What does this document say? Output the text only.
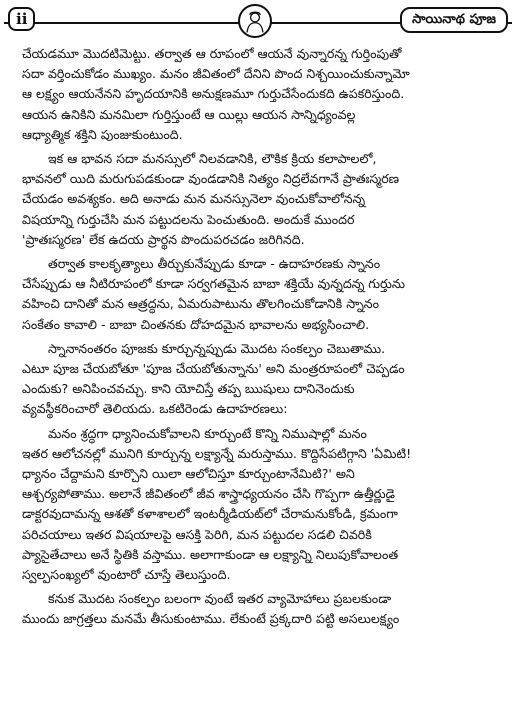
ii	సాయినాథ పూజ
చేయడమూ మొదటిమెట్టు. తర్వాత ఆ రూపంలో ఆయనే వున్నారన్న గుర్తింపుతో
సదా వర్తించుకోడం ముఖ్యం. మనం జీవితంలో దేనిని పొంద నిశ్చయించుకున్నామో
ఆ లక్ష్యం ఆయనేనని హృదయానికి అనుక్షణమూ గుర్తుచేసేందుకది ఉపకరిస్తుంది.
ఆయన ఉనికిని మనమిలా గుర్తిస్తుంటే ఆ యిల్లు ఆయన సాన్నిధ్యంవల్ల
ఆధ్యాత్మిక శక్తిని పుంజుకుంటుంది.
ఇక ఆ భావన సదా మనస్సులో నిలవడానికి, లౌకిక క్రియ కలాపాలలో,
భావనలో యిది మరుగుపడకుండా వుండడానికి నిత్యం నిద్రలేవగానే ప్రాతఃస్మరణ
చేయడం అవశ్యకం. అది అనాడు మన మనస్సునెలా వుంచుకోవాలోనన్న
విషయాన్ని గుర్తుచేసి మన పట్టుదలను పెంచుతుంది. అందుకే ముందర
'ప్రాతఃస్మరణ' లేక ఉదయ ప్రార్థన పొందుపరచడం జరిగినది.
తర్వాత కాలకృత్యాలు తీర్చుకునేప్పుడు కూడా - ఉదాహరణకు స్నానం
చేసేప్పుడు ఆ నీటిరూపంలో కూడా సర్వగతమైన బాబా శక్తియే వున్నదన్న గుర్తును
వహించి దానితో మన ఆత్రద్ధను, ఏమరుపాటును తొలగించుకోడానికి స్నానం
సంకేతం కావాలి - బాబా చింతనకు దోహదమైన భావాలను అభ్యసించాలి.
స్నానానంతరం పూజకు కూర్చున్నప్పుడు మొదట సంకల్పం చెబుతాము.
ఎటూ పూజ చేయబోతూ 'పూజ చేయబోతున్నాను' అని మంత్రరూపంలో చెప్పడం
ఎందుకు? అనిపించవచ్చు. కాని యోచిస్తే తప్ప ఋషులు దానినెందుకు
వ్యవస్థీకరించారో తెలియదు. ఒకటిరెండు ఉదాహరణలు:
మనం శ్రద్ధగా ధ్యానించుకోవాలని కూర్చుంటే కొన్ని నిముషాల్లో మనం
ఇతర ఆలోచనల్లో మునిగి కూర్చున్న లక్ష్యాన్నే మరుస్తాము. కొద్దిసేపటిగ్గాని 'ఏమిటి!
ధ్యానం చేద్దామని కూర్చొని యిలా ఆలోచిస్తూ కూర్చుంటానేమిటి?' అని
ఆశ్చర్యపోతాము. అలానే జీవితంలో జీవ శాస్త్రాధ్యయనం చేసి గొప్పగా ఉత్తీర్ణుడై
డాక్టరవుదామన్న ఆశతో కళాశాలలో ఇంటర్మీడియట్‌లో చేరామనుకోండి, క్రమంగా
పరిచయాలు ఇతర విషయాలపై ఆసక్తి పెరిగి, మన పట్టుదల సడలి చివరికి
ప్యాసైతేచాలు అనే స్థితికి వస్తాము. అలాగాకుండా ఆ లక్ష్యాన్ని నిలుపుకోవాలంత
స్వల్పసంఖ్యలో వుంటారో చూస్తే తెలుస్తుంది.
కనుక మొదట సంకల్పం బలంగా వుంటే ఇతర వ్యామోహాలు ప్రబలకుండా
ముందు జాగ్రత్తలు మనమే తీసుకుంటాము. లేకుంటే ప్రక్కదారి పట్టి అసలులక్ష్యం
